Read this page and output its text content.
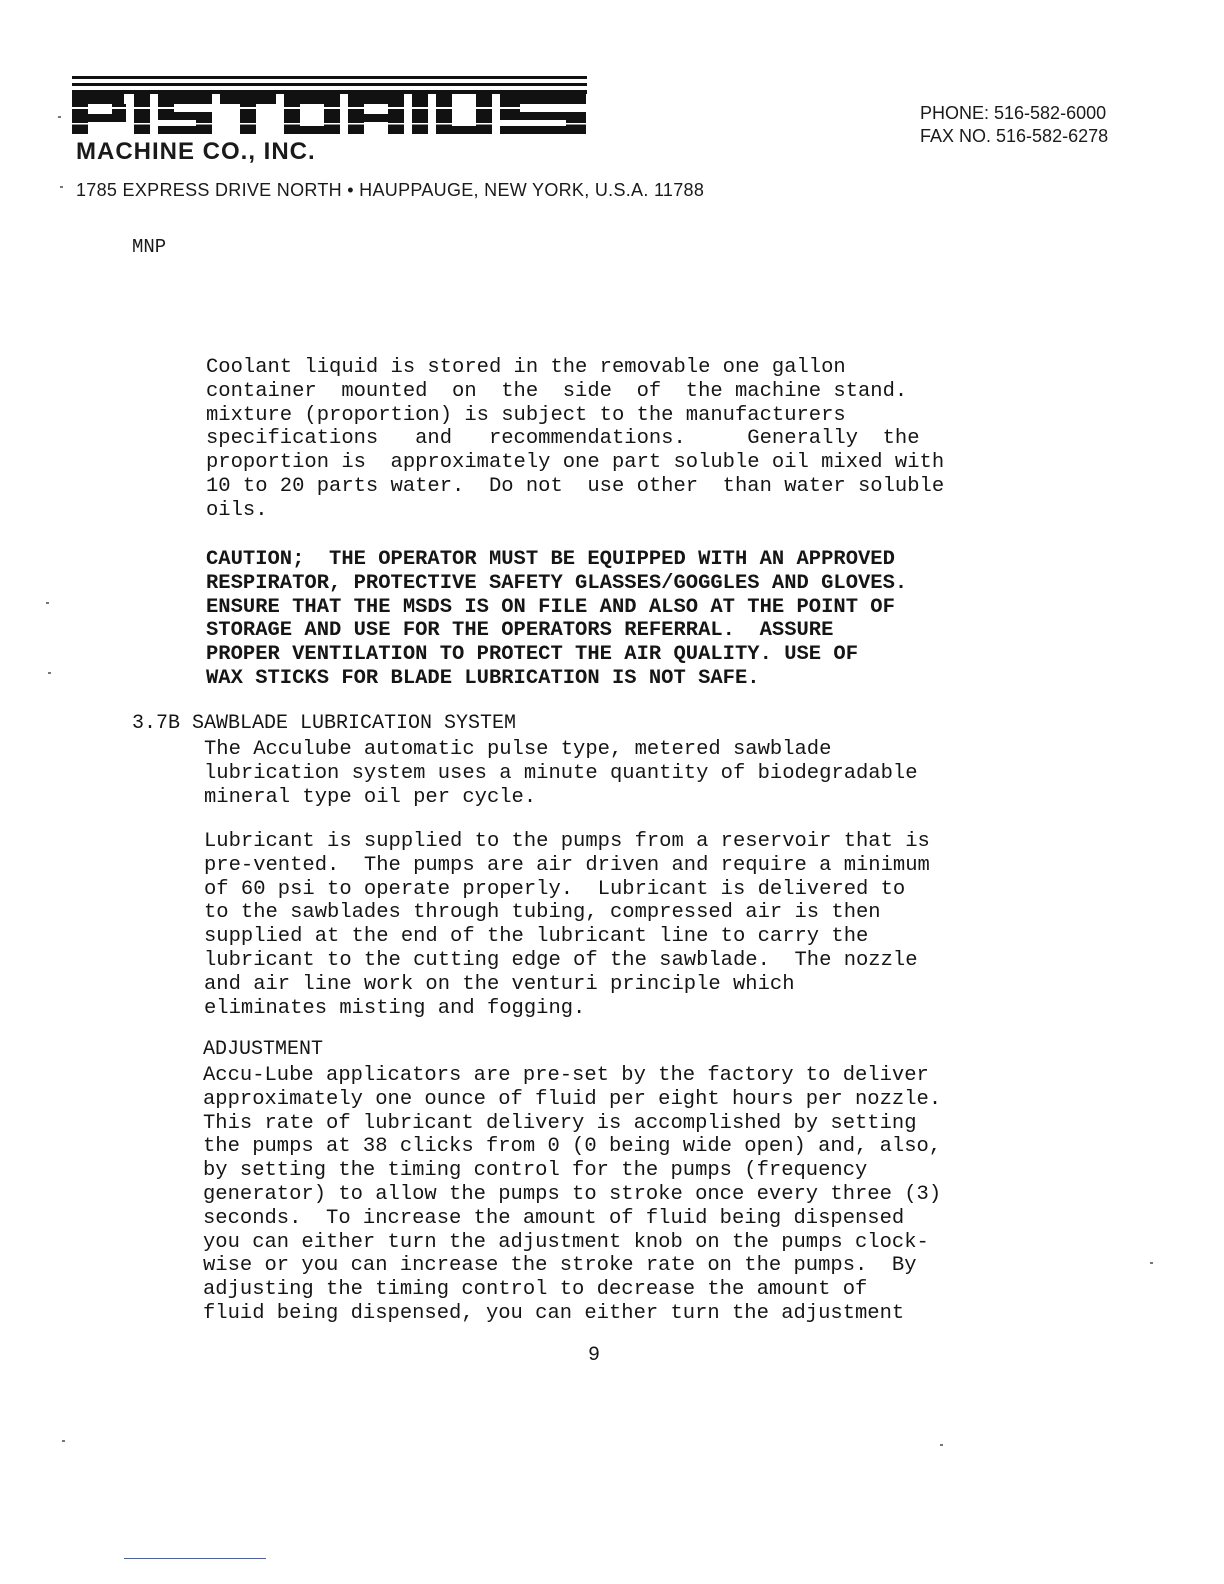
MACHINE CO., INC.
1785 EXPRESS DRIVE NORTH • HAUPPAUGE, NEW YORK, U.S.A. 11788
PHONE: 516-582-6000
FAX NO. 516-582-6278
MNP
Coolant liquid is stored in the removable one gallon
container  mounted  on  the  side  of  the machine stand.
mixture (proportion) is subject to the manufacturers
specifications   and   recommendations.     Generally  the
proportion is  approximately one part soluble oil mixed with
10 to 20 parts water.  Do not  use other  than water soluble
oils.
CAUTION;  THE OPERATOR MUST BE EQUIPPED WITH AN APPROVED
RESPIRATOR, PROTECTIVE SAFETY GLASSES/GOGGLES AND GLOVES.
ENSURE THAT THE MSDS IS ON FILE AND ALSO AT THE POINT OF
STORAGE AND USE FOR THE OPERATORS REFERRAL.  ASSURE
PROPER VENTILATION TO PROTECT THE AIR QUALITY. USE OF
WAX STICKS FOR BLADE LUBRICATION IS NOT SAFE.
3.7B SAWBLADE LUBRICATION SYSTEM
The Acculube automatic pulse type, metered sawblade
lubrication system uses a minute quantity of biodegradable
mineral type oil per cycle.
Lubricant is supplied to the pumps from a reservoir that is
pre-vented.  The pumps are air driven and require a minimum
of 60 psi to operate properly.  Lubricant is delivered to
to the sawblades through tubing, compressed air is then
supplied at the end of the lubricant line to carry the
lubricant to the cutting edge of the sawblade.  The nozzle
and air line work on the venturi principle which
eliminates misting and fogging.
ADJUSTMENT
Accu-Lube applicators are pre-set by the factory to deliver
approximately one ounce of fluid per eight hours per nozzle.
This rate of lubricant delivery is accomplished by setting
the pumps at 38 clicks from 0 (0 being wide open) and, also,
by setting the timing control for the pumps (frequency
generator) to allow the pumps to stroke once every three (3)
seconds.  To increase the amount of fluid being dispensed
you can either turn the adjustment knob on the pumps clock-
wise or you can increase the stroke rate on the pumps.  By
adjusting the timing control to decrease the amount of
fluid being dispensed, you can either turn the adjustment
9
